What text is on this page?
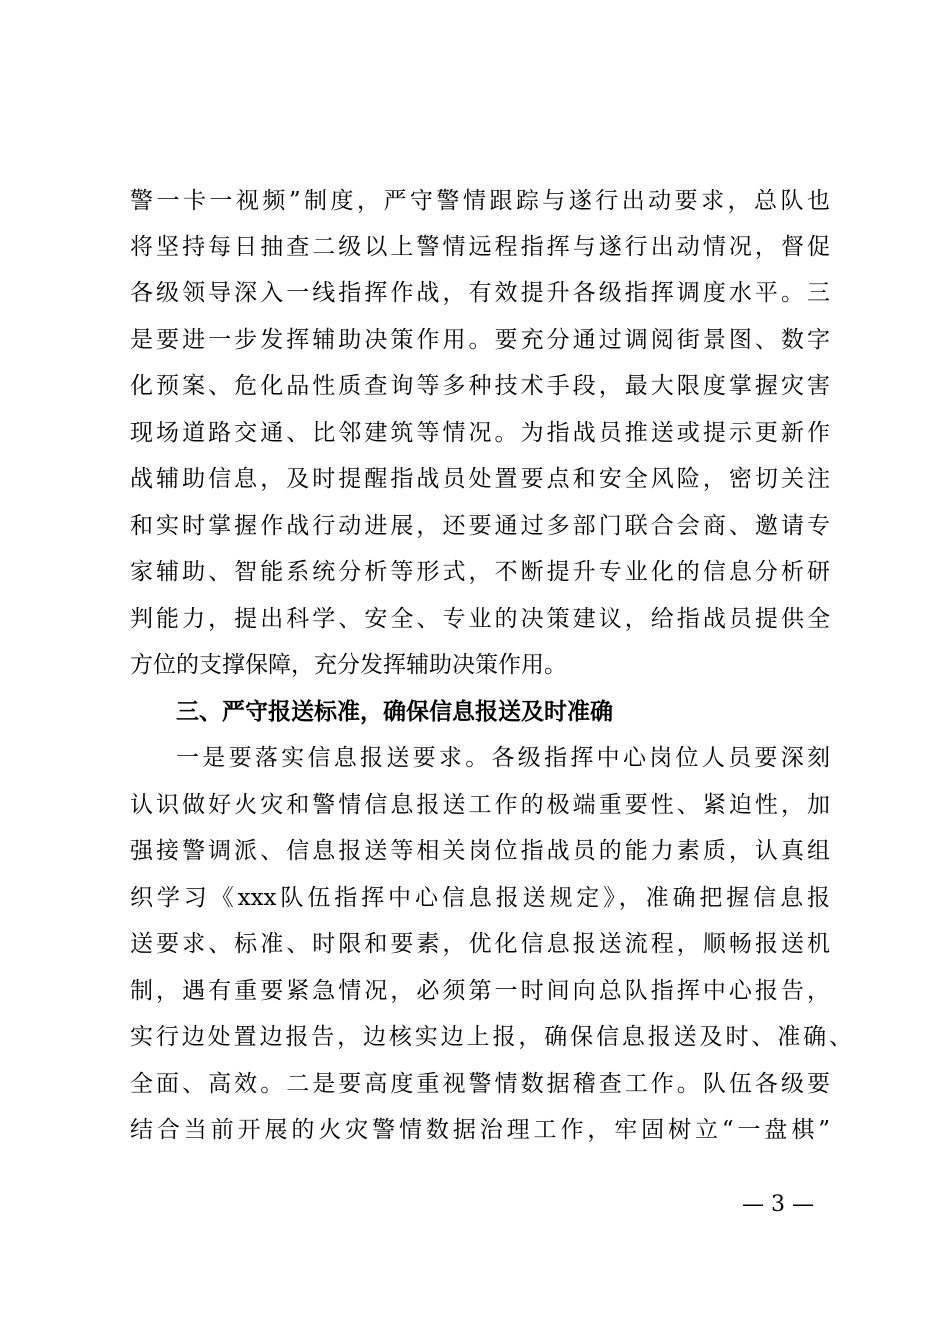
警一卡一视频”制度，严守警情跟踪与遂行出动要求，总队也
将坚持每日抽查二级以上警情远程指挥与遂行出动情况，督促
各级领导深入一线指挥作战，有效提升各级指挥调度水平。三
是要进一步发挥辅助决策作用。要充分通过调阅街景图、数字
化预案、危化品性质查询等多种技术手段，最大限度掌握灾害
现场道路交通、比邻建筑等情况。为指战员推送或提示更新作
战辅助信息，及时提醒指战员处置要点和安全风险，密切关注
和实时掌握作战行动进展，还要通过多部门联合会商、邀请专
家辅助、智能系统分析等形式，不断提升专业化的信息分析研
判能力，提出科学、安全、专业的决策建议，给指战员提供全
方位的支撑保障，充分发挥辅助决策作用。
三、严守报送标准，确保信息报送及时准确
一是要落实信息报送要求。各级指挥中心岗位人员要深刻
认识做好火灾和警情信息报送工作的极端重要性、紧迫性，加
强接警调派、信息报送等相关岗位指战员的能力素质，认真组
织学习《xxx队伍指挥中心信息报送规定》，准确把握信息报
送要求、标准、时限和要素，优化信息报送流程，顺畅报送机
制，遇有重要紧急情况，必须第一时间向总队指挥中心报告，
实行边处置边报告，边核实边上报，确保信息报送及时、准确、
全面、高效。二是要高度重视警情数据稽查工作。队伍各级要
结合当前开展的火灾警情数据治理工作，牢固树立“一盘棋”
— 3 —
